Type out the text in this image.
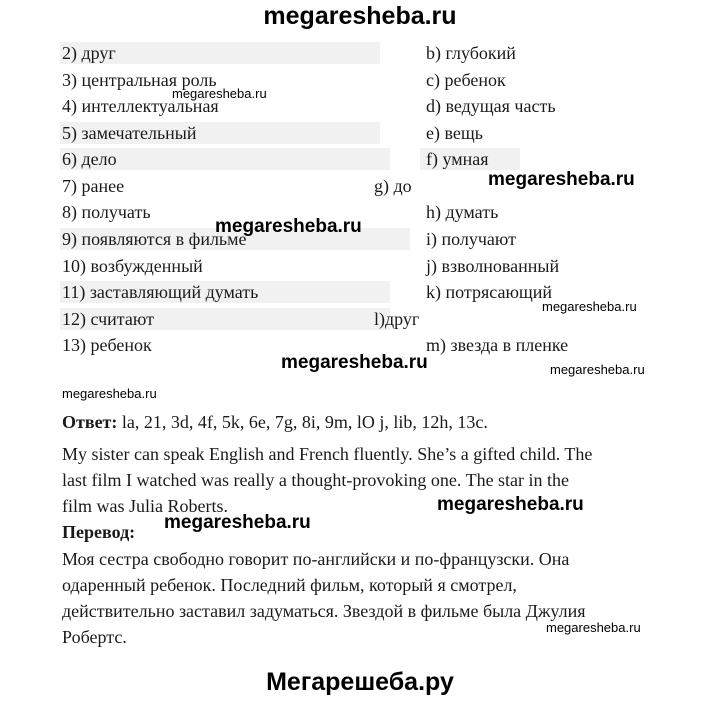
megaresheba.ru
2) друг
3) центральная роль
4) интеллектуальная
5) замечательный
6) дело
7) ранее
8) получать
9) появляются в фильме
10) возбужденный
11) заставляющий думать
12) считают
13) ребенок
b) глубокий
c) ребенок
d) ведущая часть
e) вещь
f) умная
g) до
h) думать
i) получают
j) взволнованный
k) потрясающий
l)друг
m) звезда в пленке
megaresheba.ru
megaresheba.ru
megaresheba.ru
megaresheba.ru
megaresheba.ru	megaresheba.ru
megaresheba.ru
megaresheba.ru
megaresheba.ru
megaresheba.ru
Ответ: la, 21, 3d, 4f, 5k, 6e, 7g, 8i, 9m, lO j, lib, 12h, 13c.
My sister can speak English and French fluently. She’s a gifted child. The
last film I watched was really a thought-provoking one. The star in the
film was Julia Roberts.
Перевод:
Моя сестра свободно говорит по-английски и по-французски. Она
одаренный ребенок. Последний фильм, который я смотрел,
действительно заставил задуматься. Звездой в фильме была Джулия
Робертс.
Мегарешеба.ру
